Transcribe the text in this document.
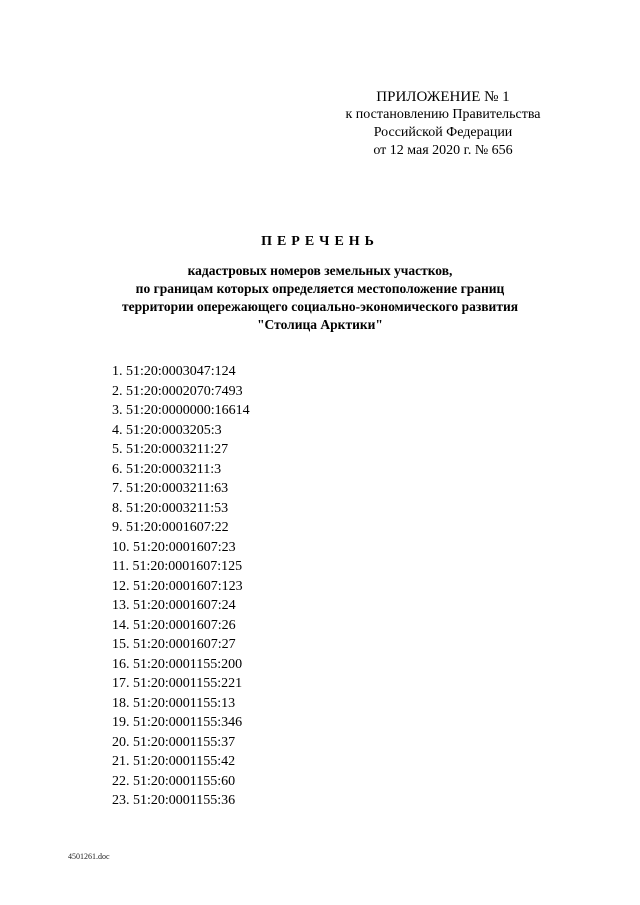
ПРИЛОЖЕНИЕ № 1
к постановлению Правительства
Российской Федерации
от 12 мая 2020 г. № 656
ПЕРЕЧЕНЬ
кадастровых номеров земельных участков,
по границам которых определяется местоположение границ
территории опережающего социально-экономического развития
"Столица Арктики"
1. 51:20:0003047:124
2. 51:20:0002070:7493
3. 51:20:0000000:16614
4. 51:20:0003205:3
5. 51:20:0003211:27
6. 51:20:0003211:3
7. 51:20:0003211:63
8. 51:20:0003211:53
9. 51:20:0001607:22
10. 51:20:0001607:23
11. 51:20:0001607:125
12. 51:20:0001607:123
13. 51:20:0001607:24
14. 51:20:0001607:26
15. 51:20:0001607:27
16. 51:20:0001155:200
17. 51:20:0001155:221
18. 51:20:0001155:13
19. 51:20:0001155:346
20. 51:20:0001155:37
21. 51:20:0001155:42
22. 51:20:0001155:60
23. 51:20:0001155:36
4501261.doc
